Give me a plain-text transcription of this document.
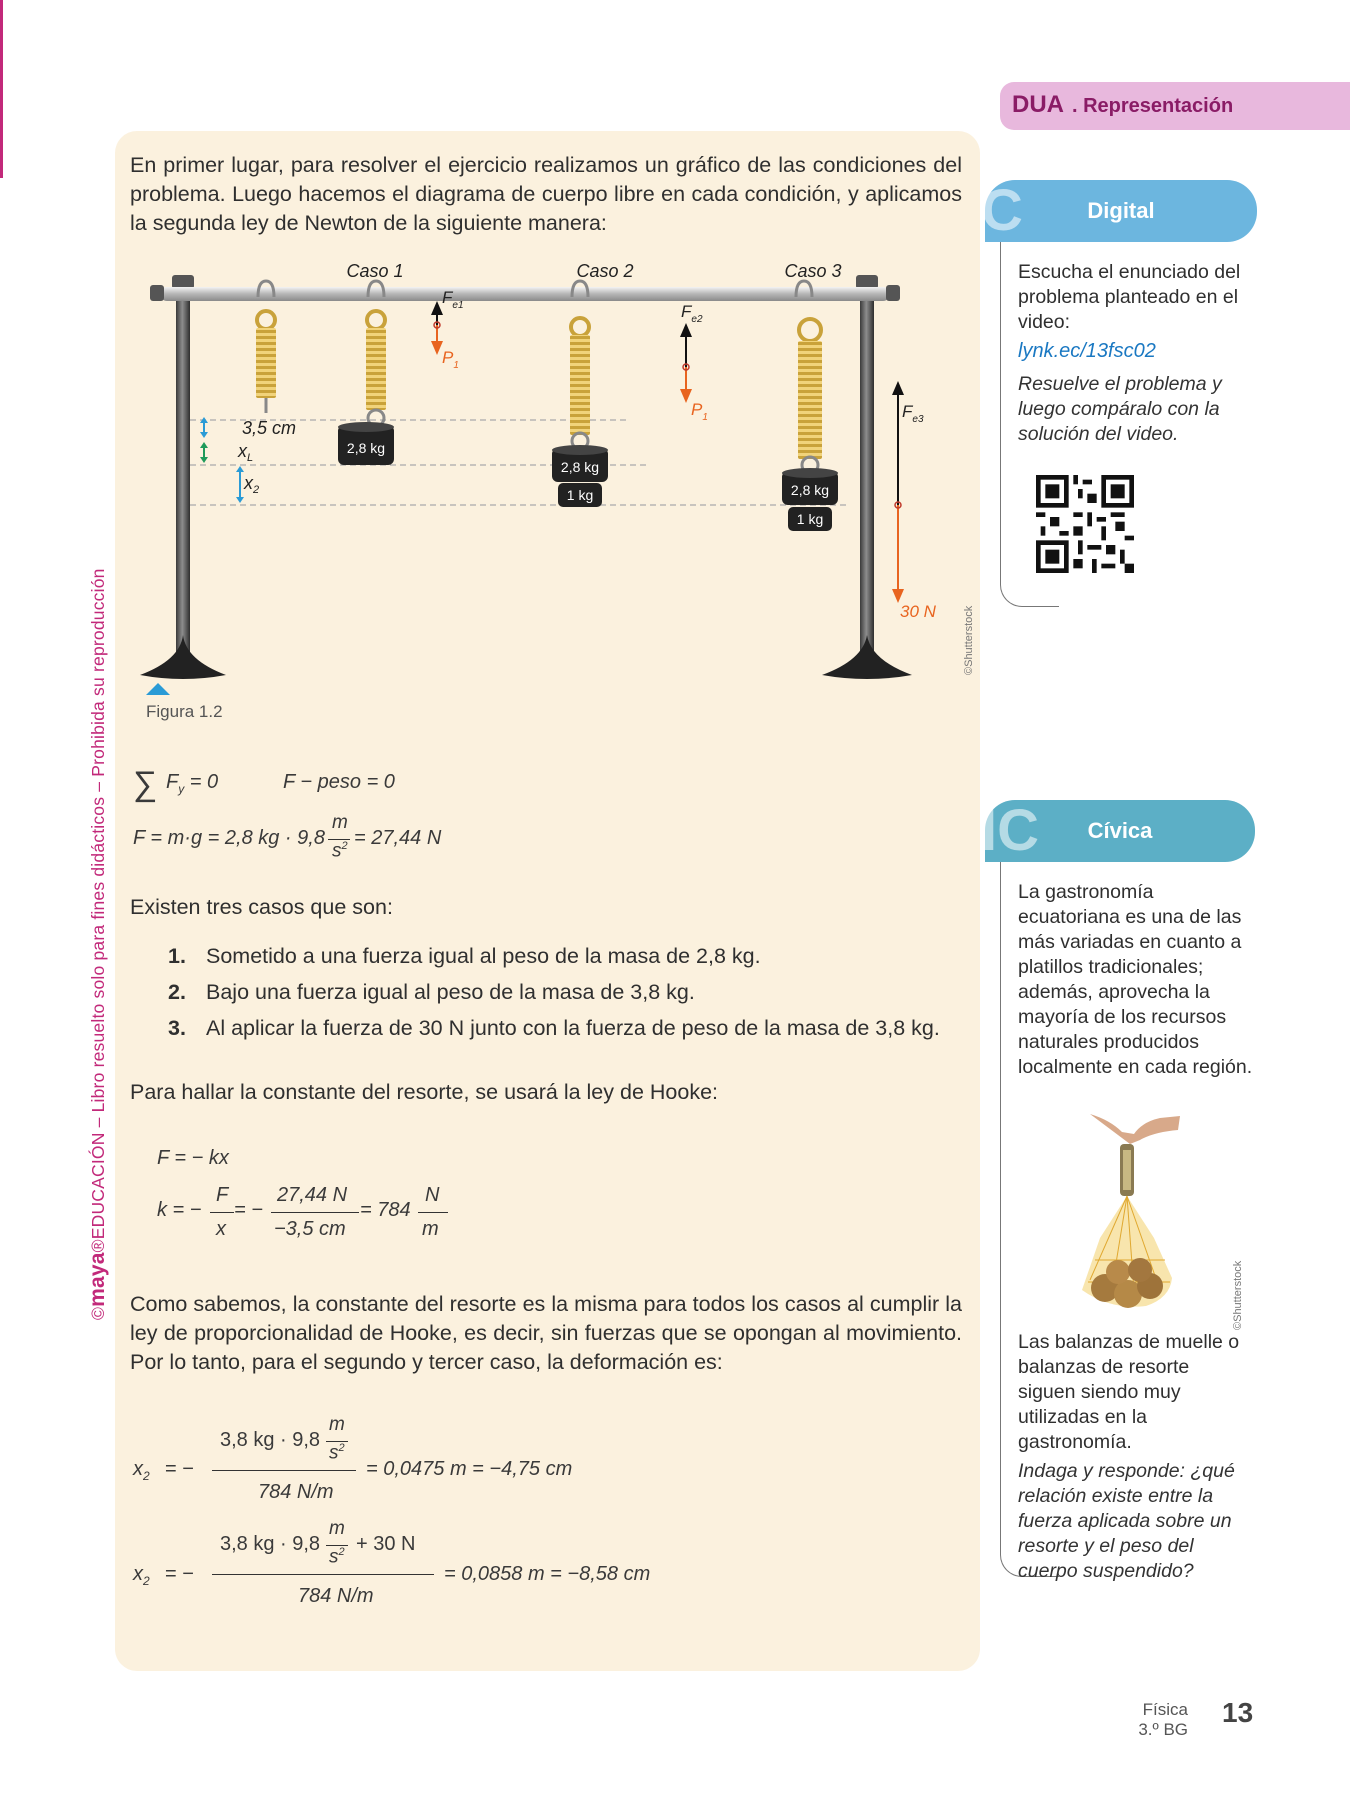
©maya®EDUCACIÓN – Libro resuelto solo para fines didácticos – Prohibida su reproducción
En primer lugar, para resolver el ejercicio realizamos un gráfico de las condiciones del problema. Luego hacemos el diagrama de cuerpo libre en cada condición, y aplicamos la segunda ley de Newton de la siguiente manera:
Caso 1	Caso 2	Caso 3
2,8 kg
2,8 kg
1 kg	2,8 kg
1 kg
3,5 cm
$x_L$
$x_2$
$F_{e1}$
$P_1$
$F_{e2}$
$P_1$	$F_{e3}$
30 N
Figura 1.2
©Shutterstock
∑ $F_y = 0$	F − peso = 0
F = m·g = 2,8 kg · 9,8
m
$s^2 = 27,44$ N
Existen tres casos que son:
1. Sometido a una fuerza igual al peso de la masa de 2,8 kg.
2. Bajo una fuerza igual al peso de la masa de 3,8 kg.
3. Al aplicar la fuerza de 30 N junto con la fuerza de peso de la masa de 3,8 kg.
Para hallar la constante del resorte, se usará la ley de Hooke:
F = − kx
k = −
F
x
= −
27,44 N
−3,5 cm
= 784
N
m
Como sabemos, la constante del resorte es la misma para todos los casos al cumplir la ley de proporcionalidad de Hooke, es decir, sin fuerzas que se opongan al movimiento. Por lo tanto, para el segundo y tercer caso, la deformación es:
$x_2$ = −
3,8 kg · 9,8
m
$s^2$
784 N/m
= 0,0475 m = −4,75 cm
$x_2$ = −
3,8 kg · 9,8
m
$s^2 + 30$ N
784 N/m
= 0,0858 m = −8,58 cm
DUA . Representación
C	Digital
Escucha el enunciado del problema planteado en el video:
lynk.ec/13fsc02
Resuelve el problema y luego compáralo con la solución del video.
IC Cívica
La gastronomía ecuatoriana es una de las más variadas en cuanto a platillos tradicionales; además, aprovecha la mayoría de los recursos naturales producidos localmente en cada región.
©Shutterstock
Las balanzas de muelle o balanzas de resorte siguen siendo muy utilizadas en la gastronomía.
Indaga y responde: ¿qué relación existe entre la fuerza aplicada sobre un resorte y el peso del cuerpo suspendido?
Física
3.º BG
13
